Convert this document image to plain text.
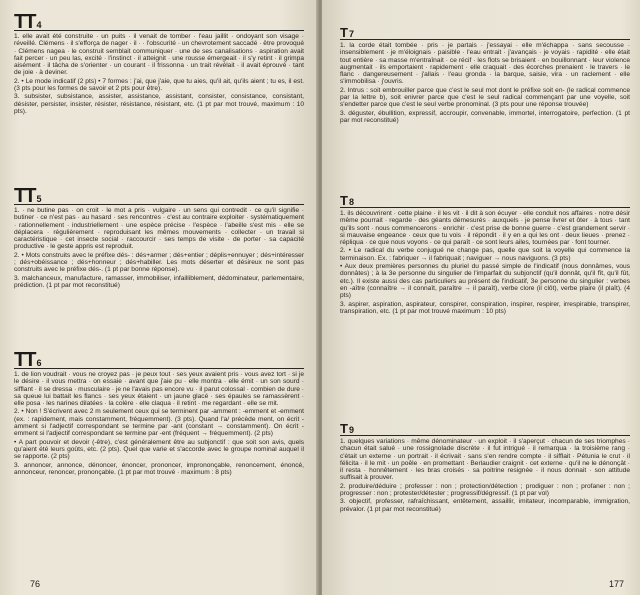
TT 4

1. elle avait été construite · un puits · il venait de tomber · l'eau jaillit · ondoyant son visage · réveillé. Clémens · il s'efforça de nager · il · · l'obscurité · un chevrotement saccadé · être provoqué · Clémens nagea · le construit semblait communiquer · une de ses canalisations · aspiration avait fait percer · un peu las, excité · l'instinct · il atteignit · une rousse émergeait · il s'y retint · il grimpa aisément · il tâcha de s'orienter · un courant · il frissonna · un trait révélait · il avait éprouvé · tant de joie · à deviner.

2. • Le mode indicatif (2 pts) • 7 formes : j'ai, que j'aie, que tu aies, qu'il ait, qu'ils aient ; tu es, il est. (3 pts pour les formes de savoir et 2 pts pour être).

3. subsister, subsistance, assister, assistance, assistant, consister, consistance, consistant, désister, persister, insister, résister, résistance, résistant, etc. (1 pt par mot trouvé, maximum : 10 pts).

TT 5

1. · ne butine pas · on croit · le mot a pris · vulgaire · un sens qui contredit · ce qu'il signifie · butiner · ce n'est pas · au hasard · ses rencontres · c'est au contraire exploiter · systématiquement · rationnellement · industriellement · une espèce précise · l'espèce · l'abeille s'est mis · elle se déplacera · régulièrement · reproduisant les mêmes mouvements · collecter · un travail si caractéristique · cet insecte social · raccourcir · ses temps de visite · de porter · sa capacité productive · le geste appris est reproduit.

2. • Mots construits avec le préfixe dés- : dés+armer ; dés+entier ; déplis+ennuyer ; dés+intéresser ; dés+obéissance ; dés+honneur ; dés+habiller. Les mots déserter et désireux ne sont pas construits avec le préfixe dés-. (1 pt par bonne réponse).

3. malchanceux, manufacture, ramasser, immobiliser, infailliblement, dédominateur, parlementaire, prédiction. (1 pt par mot reconstitué)

TT 6

1. de lion voudrait · vous ne croyez pas · je peux tout · ses yeux avaient pris · vous avez tort · si je le désire · il vous mettra · on essaie · avant que j'aie pu · elle montra · elle émit · un son sourd · sifflant · il se dressa · musculaire · je ne l'avais pas encore vu · il parut colossal · combien de dure · sa queue lui battait les flancs · ses yeux étaient · un jaune glacé · ses épaules se ramassèrent · elle posa · les narines dilatées · la colère · elle claqua · il retint · me regardant · elle se mit.

2. • Non ! S'écrivent avec 2 m seulement ceux qui se terminent par -amment : -emment et -emment (ex. : rapidement, mais constamment, fréquemment). (3 pts). Quand l'a/ précède ment, on écrit -amment si l'adjectif correspondant se termine par -ant (constant → constamment). On écrit -emment si l'adjectif correspondant se termine par -ent (fréquent → fréquemment). (2 pts)

• A part pouvoir et devoir (-être), c'est généralement être au subjonctif : que soit son avis, quels qu'aient été leurs goûts, etc. (2 pts). Quel que varie et s'accorde avec le groupe nominal auquel il se rapporte. (2 pts)

3. annoncer, annonce, dénoncer, énoncer, prononcer, imprononçable, renoncement, énoncé, annonceur, renoncer, prononçable. (1 pt par mot trouvé · maximum : 8 pts)

76
T 7

1. la corde était tombée · pris · je partais · j'essayai · elle m'échappa · sans secousse · insensiblement · je m'éloignais · paisible · l'eau entrait · j'avançais · je voyais · rapidité · elle était tout entière · sa masse m'entraînait · ce récif · les flots se brisaient · en bouillonnant · leur violence augmentait · ils emportaient · rapidement · elle craquait · des écorches prenaient · le travers · le flanc · dangereusement · j'allais · l'eau gronda · la barque, saisie, vira · un raclement · elle s'immobilisa · j'ouvris.

2. Intrus : soit embrouiller parce que c'est le seul mot dont le préfixe soit en- (le radical commence par la lettre b), soit enivrer parce que c'est le seul radical commençant par une voyelle, soit s'endetter parce que c'est le seul verbe pronominal. (3 pts pour une réponse trouvée)

3. déguster, ébullition, expressif, accroupir, convenable, immortel, interrogatoire, perfection. (1 pt par mot reconstitué)

T 8

1. ils découvrirent · cette plaine · il les vit · il dit à son écuyer · elle conduit nos affaires · notre désir même pourrait · regarde · des géants démesurés · auxquels · je pense livrer et ôter · à tous · tant qu'ils sont · nous commencerons · enrichir · c'est prise de bonne guerre · c'est grandement servir · si mauvaise engeance · ceux que tu vois · il répondit · il y en a qui les ont · deux lieues · prenez · répliqua · ce que nous voyons · ce qui paraît · ce sont leurs ailes, tournées par · font tourner.

2. • Le radical du verbe conjugué ne change pas, quelle que soit la voyelle qui commence la terminaison. Ex. : fabriquer → il fabriquait ; naviguer → nous naviguons. (3 pts)

• Aux deux premières personnes du pluriel du passé simple de l'indicatif (nous donnâmes, vous donnâtes) ; à la 3e personne du singulier de l'imparfait du subjonctif (qu'il donnât, qu'il fît, qu'il fût, etc.). Il existe aussi des cas particuliers au présent de l'indicatif, 3e personne du singulier : verbes en -aître (connaître → il connaît, paraître → il paraît), verbe clore (il clôt), verbe plaire (il plaît). (4 pts)

3. aspirer, aspiration, aspirateur, conspirer, conspiration, inspirer, respirer, irrespirable, transpirer, transpiration, etc. (1 pt par mot trouvé maximum : 10 pts)

T 9

1. quelques variations · même dénominateur · un exploit · il s'aperçut · chacun de ses triomphes · chacun était salué · une rossignolade discrète · il fut intrigué · il remarqua · la troisième rang · c'était un externe · un portrait · il écrivait · sans s'en rendre compte · il sifflait · Pétunia le crut · il félicita · il le mit · un poêle · en promettant · Berlaudier craignit · cet externe · qu'il ne le dénonçât · il resta · honnêtement · les bras croisés · sa poitrine resignée · il nous donnait · son attitude suffisait à prouver.

2. produire/déduire ; professer : non ; protection/détection ; prodiguer : non ; profaner : non ; progresser : non ; protester/détester ; progressif/dégressif. (1 pt par vol)

3. objectif, professer, rafraîchissant, entêtement, assaillir, imitateur, incomparable, immigration, prévalor. (1 pt par mot reconstitué)

177
